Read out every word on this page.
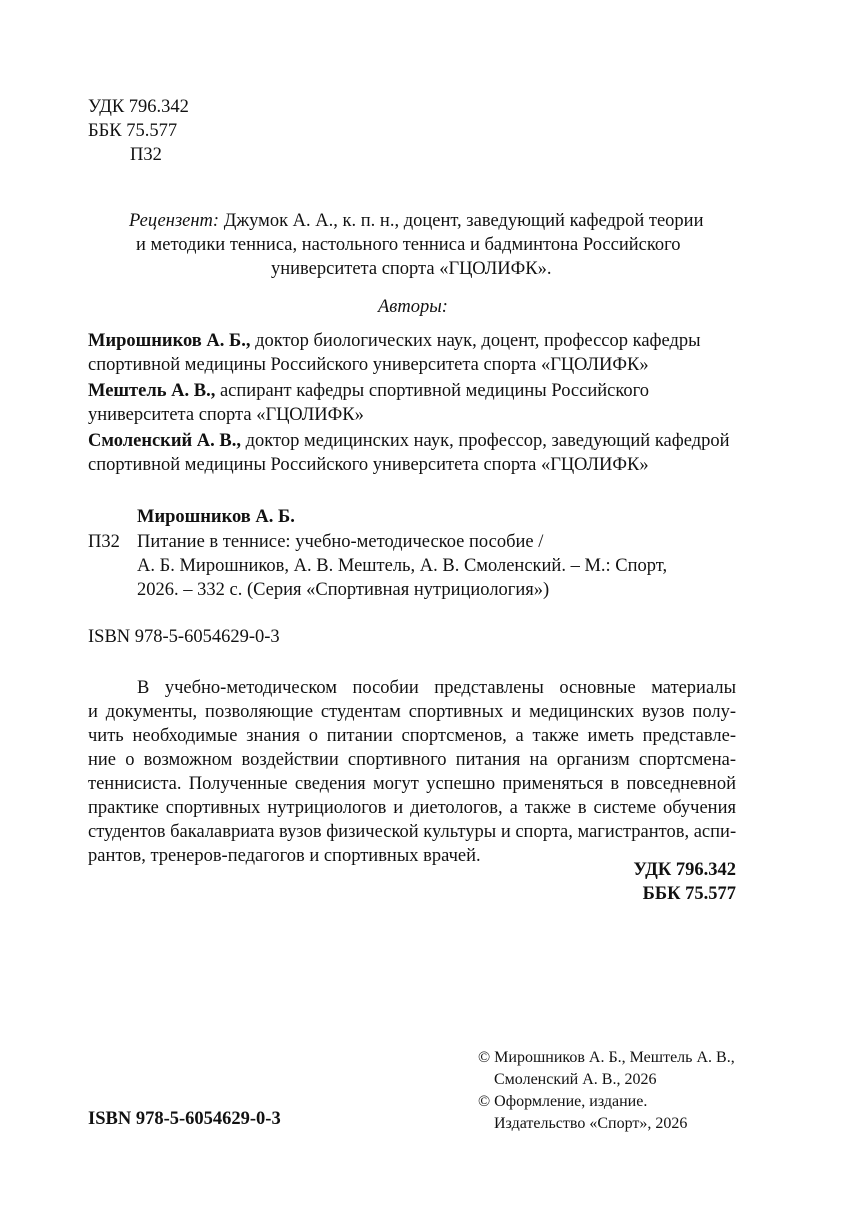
УДК 796.342
ББК 75.577
П32
Рецензент: Джумок А. А., к. п. н., доцент, заведующий кафедрой теории
и методики тенниса, настольного тенниса и бадминтона Российского
университета спорта «ГЦОЛИФК».
Авторы:
Мирошников А. Б., доктор биологических наук, доцент, профессор кафедры
спортивной медицины Российского университета спорта «ГЦОЛИФК»
Мештель А. В., аспирант кафедры спортивной медицины Российского
университета спорта «ГЦОЛИФК»
Смоленский А. В., доктор медицинских наук, профессор, заведующий кафедрой
спортивной медицины Российского университета спорта «ГЦОЛИФК»
Мирошников А. Б.
П32 Питание в теннисе: учебно-методическое пособие /
А. Б. Мирошников, А. В. Мештель, А. В. Смоленский. – М.: Спорт,
2026. – 332 с. (Серия «Спортивная нутрициология»)
ISBN 978-5-6054629-0-3
В учебно-методическом пособии представлены основные материалы
и документы, позволяющие студентам спортивных и медицинских вузов полу-
чить необходимые знания о питании спортсменов, а также иметь представле-
ние о возможном воздействии спортивного питания на организм спортсмена-
теннисиста. Полученные сведения могут успешно применяться в повседневной
практике спортивных нутрициологов и диетологов, а также в системе обучения
студентов бакалавриата вузов физической культуры и спорта, магистрантов, аспи-
рантов, тренеров-педагогов и спортивных врачей.
УДК 796.342
ББК 75.577
ISBN 978-5-6054629-0-3
© Мирошников А. Б., Мештель А. В.,
Смоленский А. В., 2026
© Оформление, издание.
Издательство «Спорт», 2026
